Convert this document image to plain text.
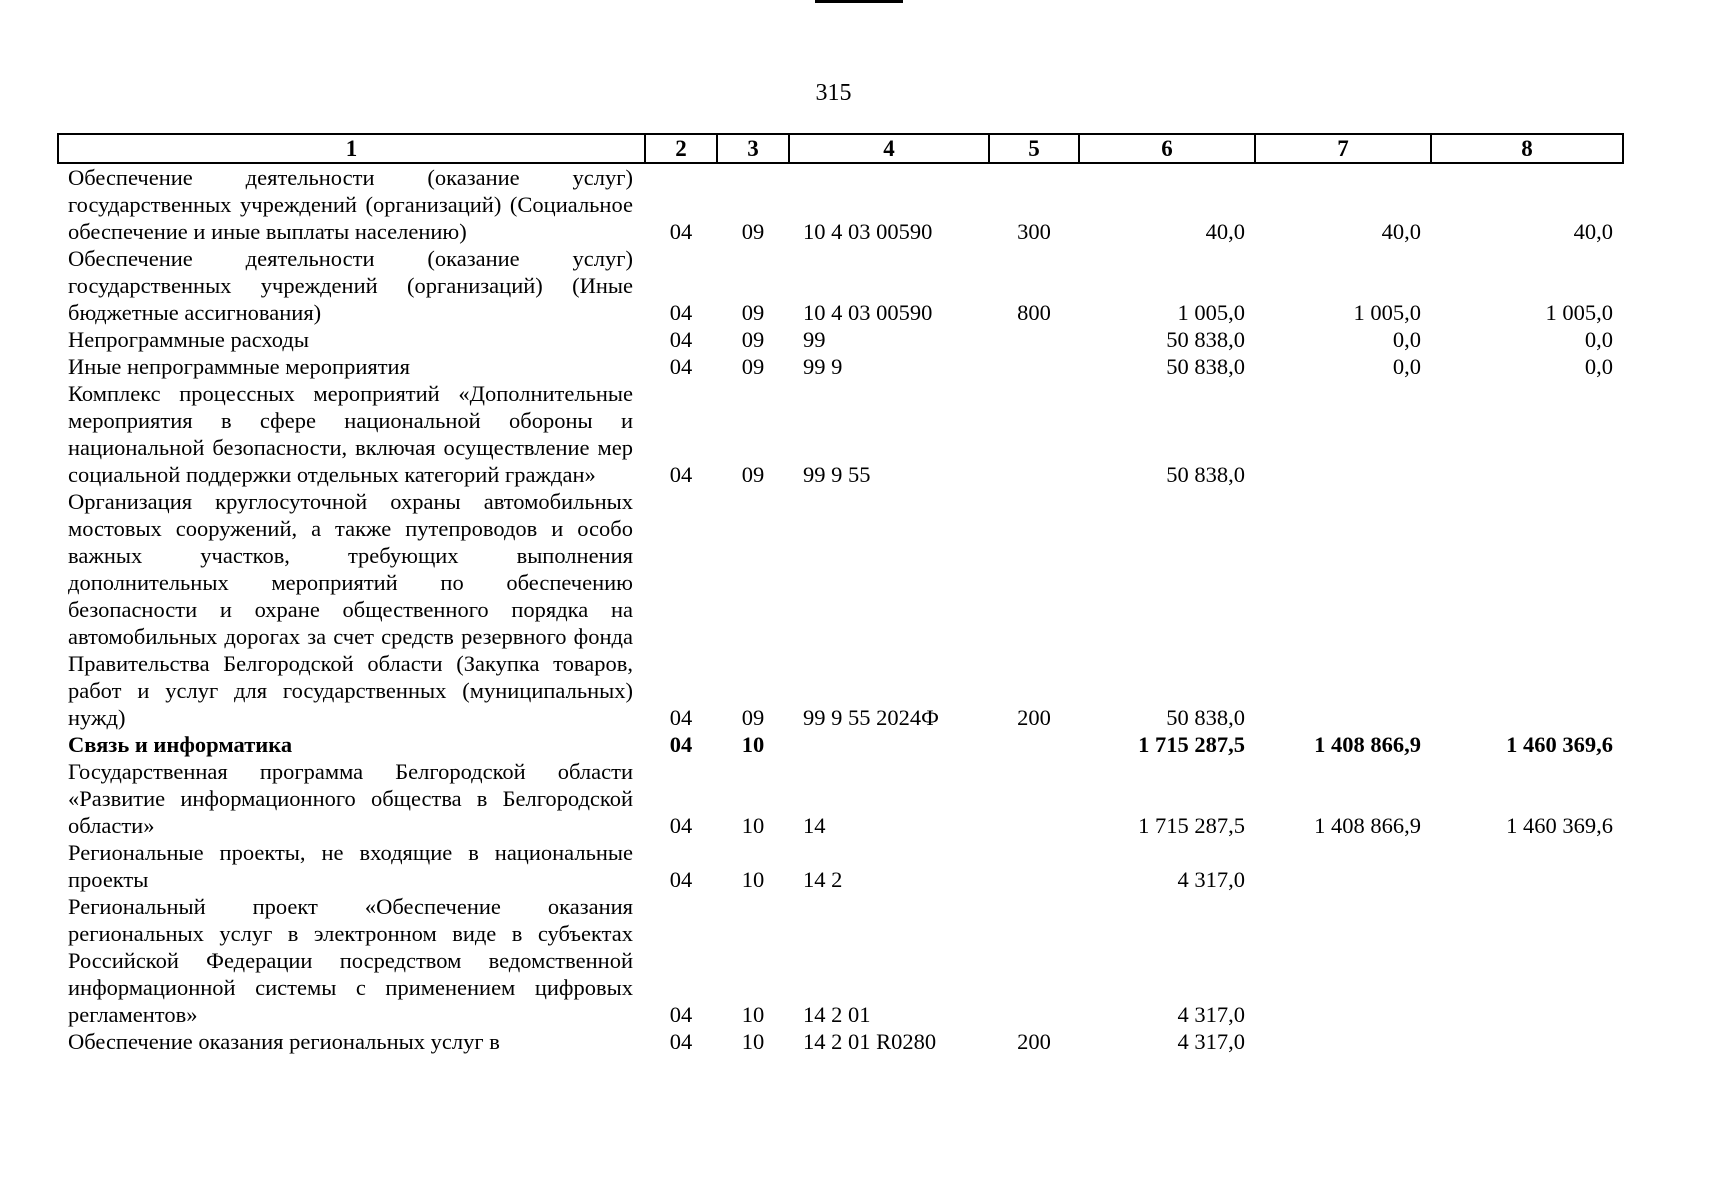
315
1	2	3	4	5	6	7	8
Обеспечение деятельности (оказание услуг) государственных учреждений (организаций) (Социальное обеспечение и иные выплаты населению)	04	09	10 4 03 00590	300	40,0	40,0	40,0
Обеспечение деятельности (оказание услуг) государственных учреждений (организаций) (Иные бюджетные ассигнования)	04	09	10 4 03 00590	800	1 005,0	1 005,0	1 005,0
Непрограммные расходы	04	09	99		50 838,0	0,0	0,0
Иные непрограммные мероприятия	04	09	99 9		50 838,0	0,0	0,0
Комплекс процессных мероприятий «Дополнительные мероприятия в сфере национальной обороны и национальной безопасности, включая осуществление мер социальной поддержки отдельных категорий граждан»	04	09	99 9 55		50 838,0		
Организация круглосуточной охраны автомобильных мостовых сооружений, а также путепроводов и особо важных участков, требующих выполнения дополнительных мероприятий по обеспечению безопасности и охране общественного порядка на автомобильных дорогах за счет средств резервного фонда Правительства Белгородской области (Закупка товаров, работ и услуг для государственных (муниципальных) нужд)	04	09	99 9 55 2024Ф	200	50 838,0		
Связь и информатика	04	10			1 715 287,5	1 408 866,9	1 460 369,6
Государственная программа Белгородской области «Развитие информационного общества в Белгородской области»	04	10	14		1 715 287,5	1 408 866,9	1 460 369,6
Региональные проекты, не входящие в национальные проекты	04	10	14 2		4 317,0		
Региональный проект «Обеспечение оказания региональных услуг в электронном виде в субъектах Российской Федерации посредством ведомственной информационной системы с применением цифровых регламентов»	04	10	14 2 01		4 317,0		
Обеспечение оказания региональных услуг в	04	10	14 2 01 R0280	200	4 317,0		
